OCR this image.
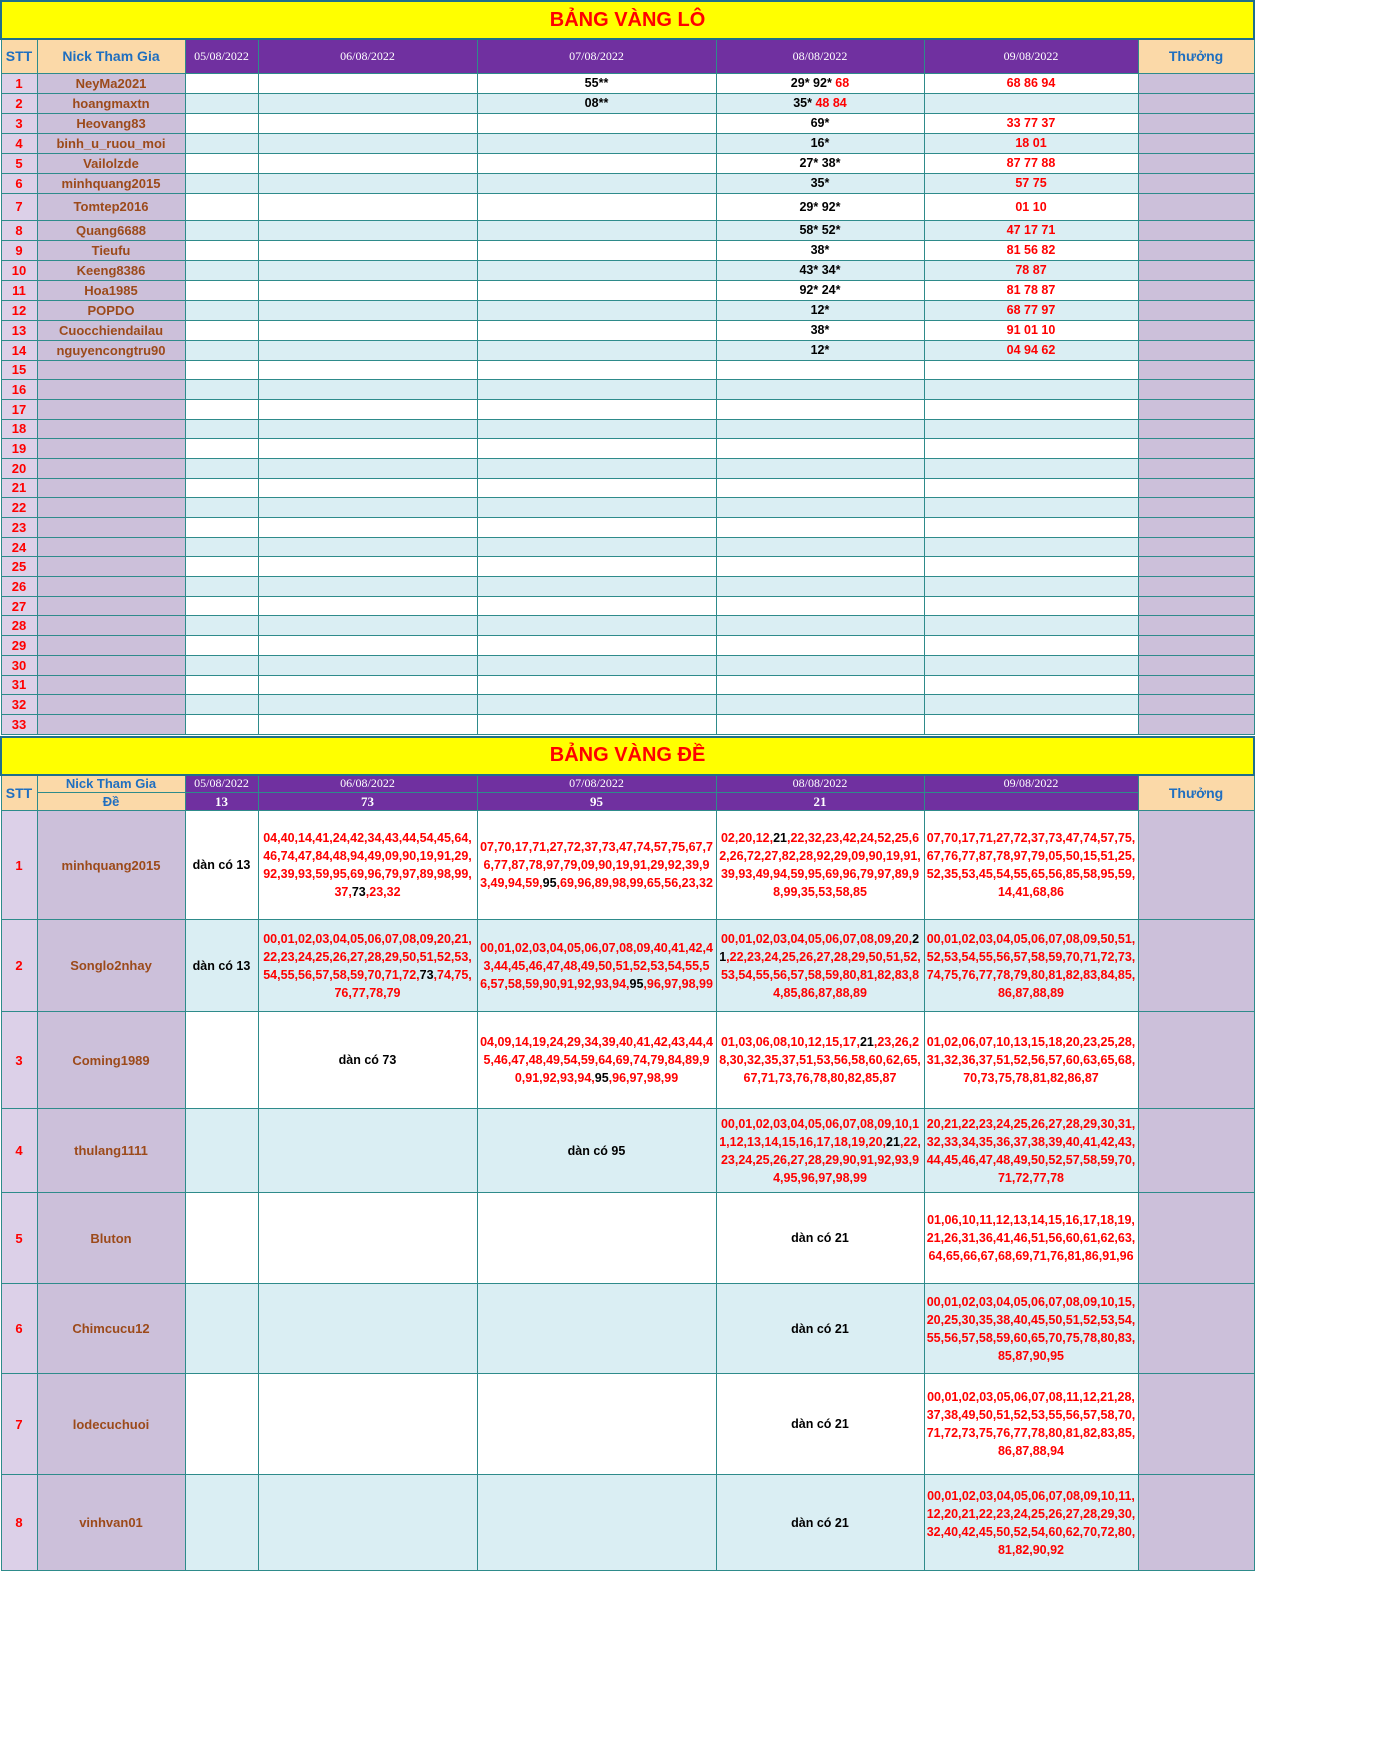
BẢNG VÀNG LÔ							
STT	Nick Tham Gia	05/08/2022	06/08/2022	07/08/2022	08/08/2022	09/08/2022	Thưởng
1	NeyMa2021			55**	29* 92* 68	68 86 94	
2	hoangmaxtn			08**	35* 48 84		
3	Heovang83				69*	33 77 37	
4	binh_u_ruou_moi				16*	18 01	
5	Vailolzde				27* 38*	87 77 88	
6	minhquang2015				35*	57 75	
7	Tomtep2016				29* 92*	01 10	
8	Quang6688				58* 52*	47 17 71	
9	Tieufu				38*	81 56 82	
10	Keeng8386				43* 34*	78 87	
11	Hoa1985				92* 24*	81 78 87	
12	POPDO				12*	68 77 97	
13	Cuocchiendailau				38*	91 01 10	
14	nguyencongtru90				12*	04 94 62	
15							
16							
17							
18							
19							
20							
21							
22							
23							
24							
25							
26							
27							
28							
29							
30							
31							
32							
33							
BẢNG VÀNG ĐỀ							
STT	Nick Tham Gia	05/08/2022	06/08/2022	07/08/2022	08/08/2022	09/08/2022	Thưởng
	Đề	13	73	95	21		
1	minhquang2015	dàn có 13	04,40,14,41,24,42,34,43,44,54,45,64,46,74,47,84,48,94,49,09,90,19,91,29,92,39,93,59,95,69,96,79,97,89,98,99,37,73,23,32	07,70,17,71,27,72,37,73,47,74,57,75,67,76,77,87,78,97,79,09,90,19,91,29,92,39,93,49,94,59,95,69,96,89,98,99,65,56,23,32	02,20,12,21,22,32,23,42,24,52,25,62,26,72,27,82,28,92,29,09,90,19,91,39,93,49,94,59,95,69,96,79,97,89,98,99,35,53,58,85	07,70,17,71,27,72,37,73,47,74,57,75,67,76,77,87,78,97,79,05,50,15,51,25,52,35,53,45,54,55,65,56,85,58,95,59,14,41,68,86	
2	Songlo2nhay	dàn có 13	00,01,02,03,04,05,06,07,08,09,20,21,22,23,24,25,26,27,28,29,50,51,52,53,54,55,56,57,58,59,70,71,72,73,74,75,76,77,78,79	00,01,02,03,04,05,06,07,08,09,40,41,42,43,44,45,46,47,48,49,50,51,52,53,54,55,56,57,58,59,90,91,92,93,94,95,96,97,98,99	00,01,02,03,04,05,06,07,08,09,20,21,22,23,24,25,26,27,28,29,50,51,52,53,54,55,56,57,58,59,80,81,82,83,84,85,86,87,88,89	00,01,02,03,04,05,06,07,08,09,50,51,52,53,54,55,56,57,58,59,70,71,72,73,74,75,76,77,78,79,80,81,82,83,84,85,86,87,88,89	
3	Coming1989		dàn có 73	04,09,14,19,24,29,34,39,40,41,42,43,44,45,46,47,48,49,54,59,64,69,74,79,84,89,90,91,92,93,94,95,96,97,98,99	01,03,06,08,10,12,15,17,21,23,26,28,30,32,35,37,51,53,56,58,60,62,65,67,71,73,76,78,80,82,85,87	01,02,06,07,10,13,15,18,20,23,25,28,31,32,36,37,51,52,56,57,60,63,65,68,70,73,75,78,81,82,86,87	
4	thulang1111			dàn có 95	00,01,02,03,04,05,06,07,08,09,10,11,12,13,14,15,16,17,18,19,20,21,22,23,24,25,26,27,28,29,90,91,92,93,94,95,96,97,98,99	20,21,22,23,24,25,26,27,28,29,30,31,32,33,34,35,36,37,38,39,40,41,42,43,44,45,46,47,48,49,50,52,57,58,59,70,71,72,77,78	
5	Bluton				dàn có 21	01,06,10,11,12,13,14,15,16,17,18,19,21,26,31,36,41,46,51,56,60,61,62,63,64,65,66,67,68,69,71,76,81,86,91,96	
6	Chimcucu12				dàn có 21	00,01,02,03,04,05,06,07,08,09,10,15,20,25,30,35,38,40,45,50,51,52,53,54,55,56,57,58,59,60,65,70,75,78,80,83,85,87,90,95	
7	lodecuchuoi				dàn có 21	00,01,02,03,05,06,07,08,11,12,21,28,37,38,49,50,51,52,53,55,56,57,58,70,71,72,73,75,76,77,78,80,81,82,83,85,86,87,88,94	
8	vinhvan01				dàn có 21	00,01,02,03,04,05,06,07,08,09,10,11,12,20,21,22,23,24,25,26,27,28,29,30,32,40,42,45,50,52,54,60,62,70,72,80,81,82,90,92	
